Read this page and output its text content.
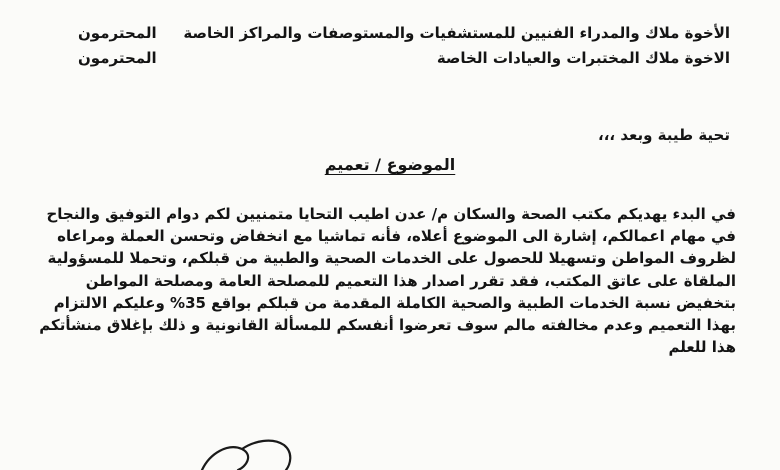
الأخوة ملاك والمدراء الفنيين للمستشفيات والمستوصفات والمراكز الخاصة
المحترمون
الاخوة ملاك المختبرات والعيادات الخاصة
المحترمون
تحية طيبة وبعد ،،،
الموضوع / تعميم
في البدء يهديكم مكتب الصحة والسكان م/ عدن اطيب التحايا متمنيين لكم دوام التوفيق والنجاح
في مهام اعمالكم، إشارة الى الموضوع أعلاه، فأنه تماشيا مع انخفاض وتحسن العملة ومراعاه
لظروف المواطن وتسهيلا للحصول على الخدمات الصحية والطبية من قبلكم، وتحملا للمسؤولية
الملقاة على عاتق المكتب، فقد تقرر اصدار هذا التعميم للمصلحة العامة ومصلحة المواطن
بتخفيض نسبة الخدمات الطبية والصحية الكاملة المقدمة من قبلكم بواقع 35% وعليكم الالتزام
بهذا التعميم وعدم مخالفته مالم سوف تعرضوا أنفسكم للمسألة القانونية و ذلك بإغلاق منشأتكم
هذا للعلم
